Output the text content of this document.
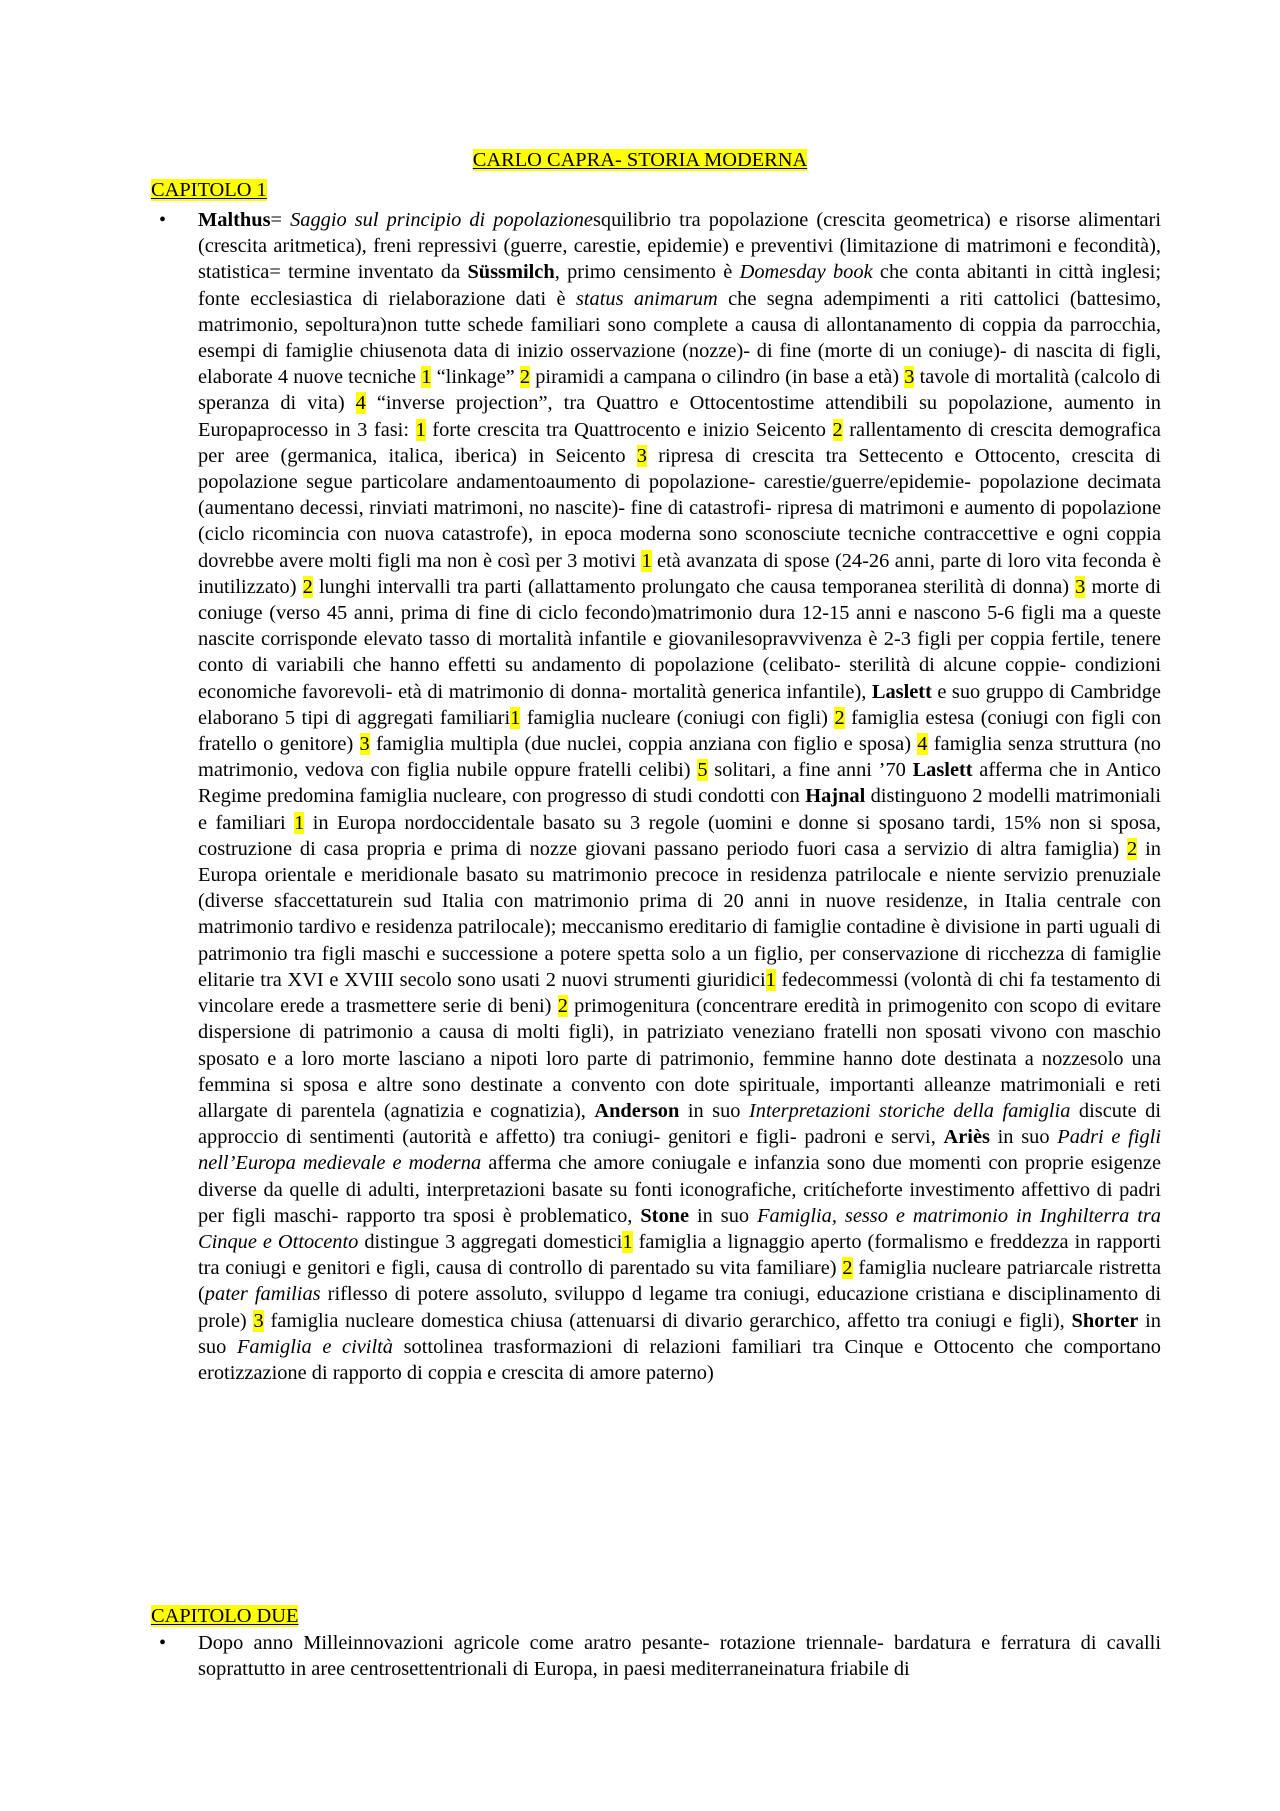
CARLO CAPRA- STORIA MODERNA
CAPITOLO 1
• Malthus= Saggio sul principio di popolazionesquilibrio tra popolazione (crescita geometrica) e risorse alimentari (crescita aritmetica), freni repressivi (guerre, carestie, epidemie) e preventivi (limitazione di matrimoni e fecondità), statistica= termine inventato da Süssmilch, primo censimento è Domesday book che conta abitanti in città inglesi; fonte ecclesiastica di rielaborazione dati è status animarum che segna adempimenti a riti cattolici (battesimo, matrimonio, sepoltura)non tutte schede familiari sono complete a causa di allontanamento di coppia da parrocchia, esempi di famiglie chiusenota data di inizio osservazione (nozze)- di fine (morte di un coniuge)- di nascita di figli, elaborate 4 nuove tecniche 1 “linkage” 2 piramidi a campana o cilindro (in base a età) 3 tavole di mortalità (calcolo di speranza di vita) 4 “inverse projection”, tra Quattro e Ottocentostime attendibili su popolazione, aumento in Europaprocesso in 3 fasi: 1 forte crescita tra Quattrocento e inizio Seicento 2 rallentamento di crescita demografica per aree (germanica, italica, iberica) in Seicento 3 ripresa di crescita tra Settecento e Ottocento, crescita di popolazione segue particolare andamentoaumento di popolazione- carestie/guerre/epidemie- popolazione decimata (aumentano decessi, rinviati matrimoni, no nascite)- fine di catastrofi- ripresa di matrimoni e aumento di popolazione (ciclo ricomincia con nuova catastrofe), in epoca moderna sono sconosciute tecniche contraccettive e ogni coppia dovrebbe avere molti figli ma non è così per 3 motivi 1 età avanzata di spose (24-26 anni, parte di loro vita feconda è inutilizzato) 2 lunghi intervalli tra parti (allattamento prolungato che causa temporanea sterilità di donna) 3 morte di coniuge (verso 45 anni, prima di fine di ciclo fecondo)matrimonio dura 12-15 anni e nascono 5-6 figli ma a queste nascite corrisponde elevato tasso di mortalità infantile e giovanilesopravvivenza è 2-3 figli per coppia fertile, tenere conto di variabili che hanno effetti su andamento di popolazione (celibato- sterilità di alcune coppie- condizioni economiche favorevoli- età di matrimonio di donna- mortalità generica infantile), Laslett e suo gruppo di Cambridge elaborano 5 tipi di aggregati familiari1 famiglia nucleare (coniugi con figli) 2 famiglia estesa (coniugi con figli con fratello o genitore) 3 famiglia multipla (due nuclei, coppia anziana con figlio e sposa) 4 famiglia senza struttura (no matrimonio, vedova con figlia nubile oppure fratelli celibi) 5 solitari, a fine anni ’70 Laslett afferma che in Antico Regime predomina famiglia nucleare, con progresso di studi condotti con Hajnal distinguono 2 modelli matrimoniali e familiari 1 in Europa nordoccidentale basato su 3 regole (uomini e donne si sposano tardi, 15% non si sposa, costruzione di casa propria e prima di nozze giovani passano periodo fuori casa a servizio di altra famiglia) 2 in Europa orientale e meridionale basato su matrimonio precoce in residenza patrilocale e niente servizio prenuziale (diverse sfaccettaturein sud Italia con matrimonio prima di 20 anni in nuove residenze, in Italia centrale con matrimonio tardivo e residenza patrilocale); meccanismo ereditario di famiglie contadine è divisione in parti uguali di patrimonio tra figli maschi e successione a potere spetta solo a un figlio, per conservazione di ricchezza di famiglie elitarie tra XVI e XVIII secolo sono usati 2 nuovi strumenti giuridici1 fedecommessi (volontà di chi fa testamento di vincolare erede a trasmettere serie di beni) 2 primogenitura (concentrare eredità in primogenito con scopo di evitare dispersione di patrimonio a causa di molti figli), in patriziato veneziano fratelli non sposati vivono con maschio sposato e a loro morte lasciano a nipoti loro parte di patrimonio, femmine hanno dote destinata a nozzesolo una femmina si sposa e altre sono destinate a convento con dote spirituale, importanti alleanze matrimoniali e reti allargate di parentela (agnatizia e cognatizia), Anderson in suo Interpretazioni storiche della famiglia discute di approccio di sentimenti (autorità e affetto) tra coniugi- genitori e figli- padroni e servi, Ariès in suo Padri e figli nell’Europa medievale e moderna afferma che amore coniugale e infanzia sono due momenti con proprie esigenze diverse da quelle di adulti, interpretazioni basate su fonti iconografiche, critícheforte investimento affettivo di padri per figli maschi- rapporto tra sposi è problematico, Stone in suo Famiglia, sesso e matrimonio in Inghilterra tra Cinque e Ottocento distingue 3 aggregati domestici1 famiglia a lignaggio aperto (formalismo e freddezza in rapporti tra coniugi e genitori e figli, causa di controllo di parentado su vita familiare) 2 famiglia nucleare patriarcale ristretta (pater familias riflesso di potere assoluto, sviluppo d legame tra coniugi, educazione cristiana e disciplinamento di prole) 3 famiglia nucleare domestica chiusa (attenuarsi di divario gerarchico, affetto tra coniugi e figli), Shorter in suo Famiglia e civiltà sottolinea trasformazioni di relazioni familiari tra Cinque e Ottocento che comportano erotizzazione di rapporto di coppia e crescita di amore paterno)

CAPITOLO DUE
• Dopo anno Milleinnovazioni agricole come aratro pesante- rotazione triennale- bardatura e ferratura di cavalli soprattutto in aree centrosettentrionali di Europa, in paesi mediterraneinatura friabile di
